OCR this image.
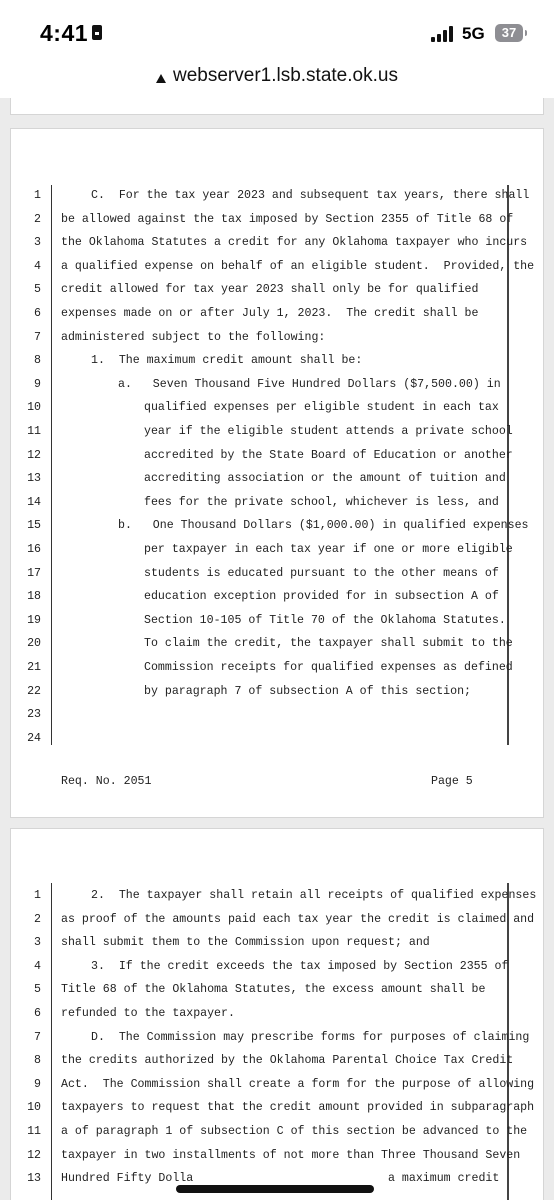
4:41	5G	37
webserver1.lsb.state.ok.us
1	C.  For the tax year 2023 and subsequent tax years, there shall
2 be allowed against the tax imposed by Section 2355 of Title 68 of
3 the Oklahoma Statutes a credit for any Oklahoma taxpayer who incurs
4 a qualified expense on behalf of an eligible student.  Provided, the
5 credit allowed for tax year 2023 shall only be for qualified
6 expenses made on or after July 1, 2023.  The credit shall be
7 administered subject to the following:
8	1.  The maximum credit amount shall be:
9	a.   Seven Thousand Five Hundred Dollars ($7,500.00) in
10	qualified expenses per eligible student in each tax
11	year if the eligible student attends a private school
12	accredited by the State Board of Education or another
13	accrediting association or the amount of tuition and
14	fees for the private school, whichever is less, and
15	b.   One Thousand Dollars ($1,000.00) in qualified expenses
16	per taxpayer in each tax year if one or more eligible
17	students is educated pursuant to the other means of
18	education exception provided for in subsection A of
19	Section 10-105 of Title 70 of the Oklahoma Statutes.
20	To claim the credit, the taxpayer shall submit to the
21	Commission receipts for qualified expenses as defined
22	by paragraph 7 of subsection A of this section;
23
24
Req. No. 2051	Page 5
1	2.  The taxpayer shall retain all receipts of qualified expenses
2 as proof of the amounts paid each tax year the credit is claimed and
3 shall submit them to the Commission upon request; and
4	3.  If the credit exceeds the tax imposed by Section 2355 of
5 Title 68 of the Oklahoma Statutes, the excess amount shall be
6 refunded to the taxpayer.
7	D.  The Commission may prescribe forms for purposes of claiming
8 the credits authorized by the Oklahoma Parental Choice Tax Credit
9 Act.  The Commission shall create a form for the purpose of allowing
10 taxpayers to request that the credit amount provided in subparagraph
11 a of paragraph 1 of subsection C of this section be advanced to the
12 taxpayer in two installments of not more than Three Thousand Seven
13 Hundred Fifty Dolla                            a maximum credit
